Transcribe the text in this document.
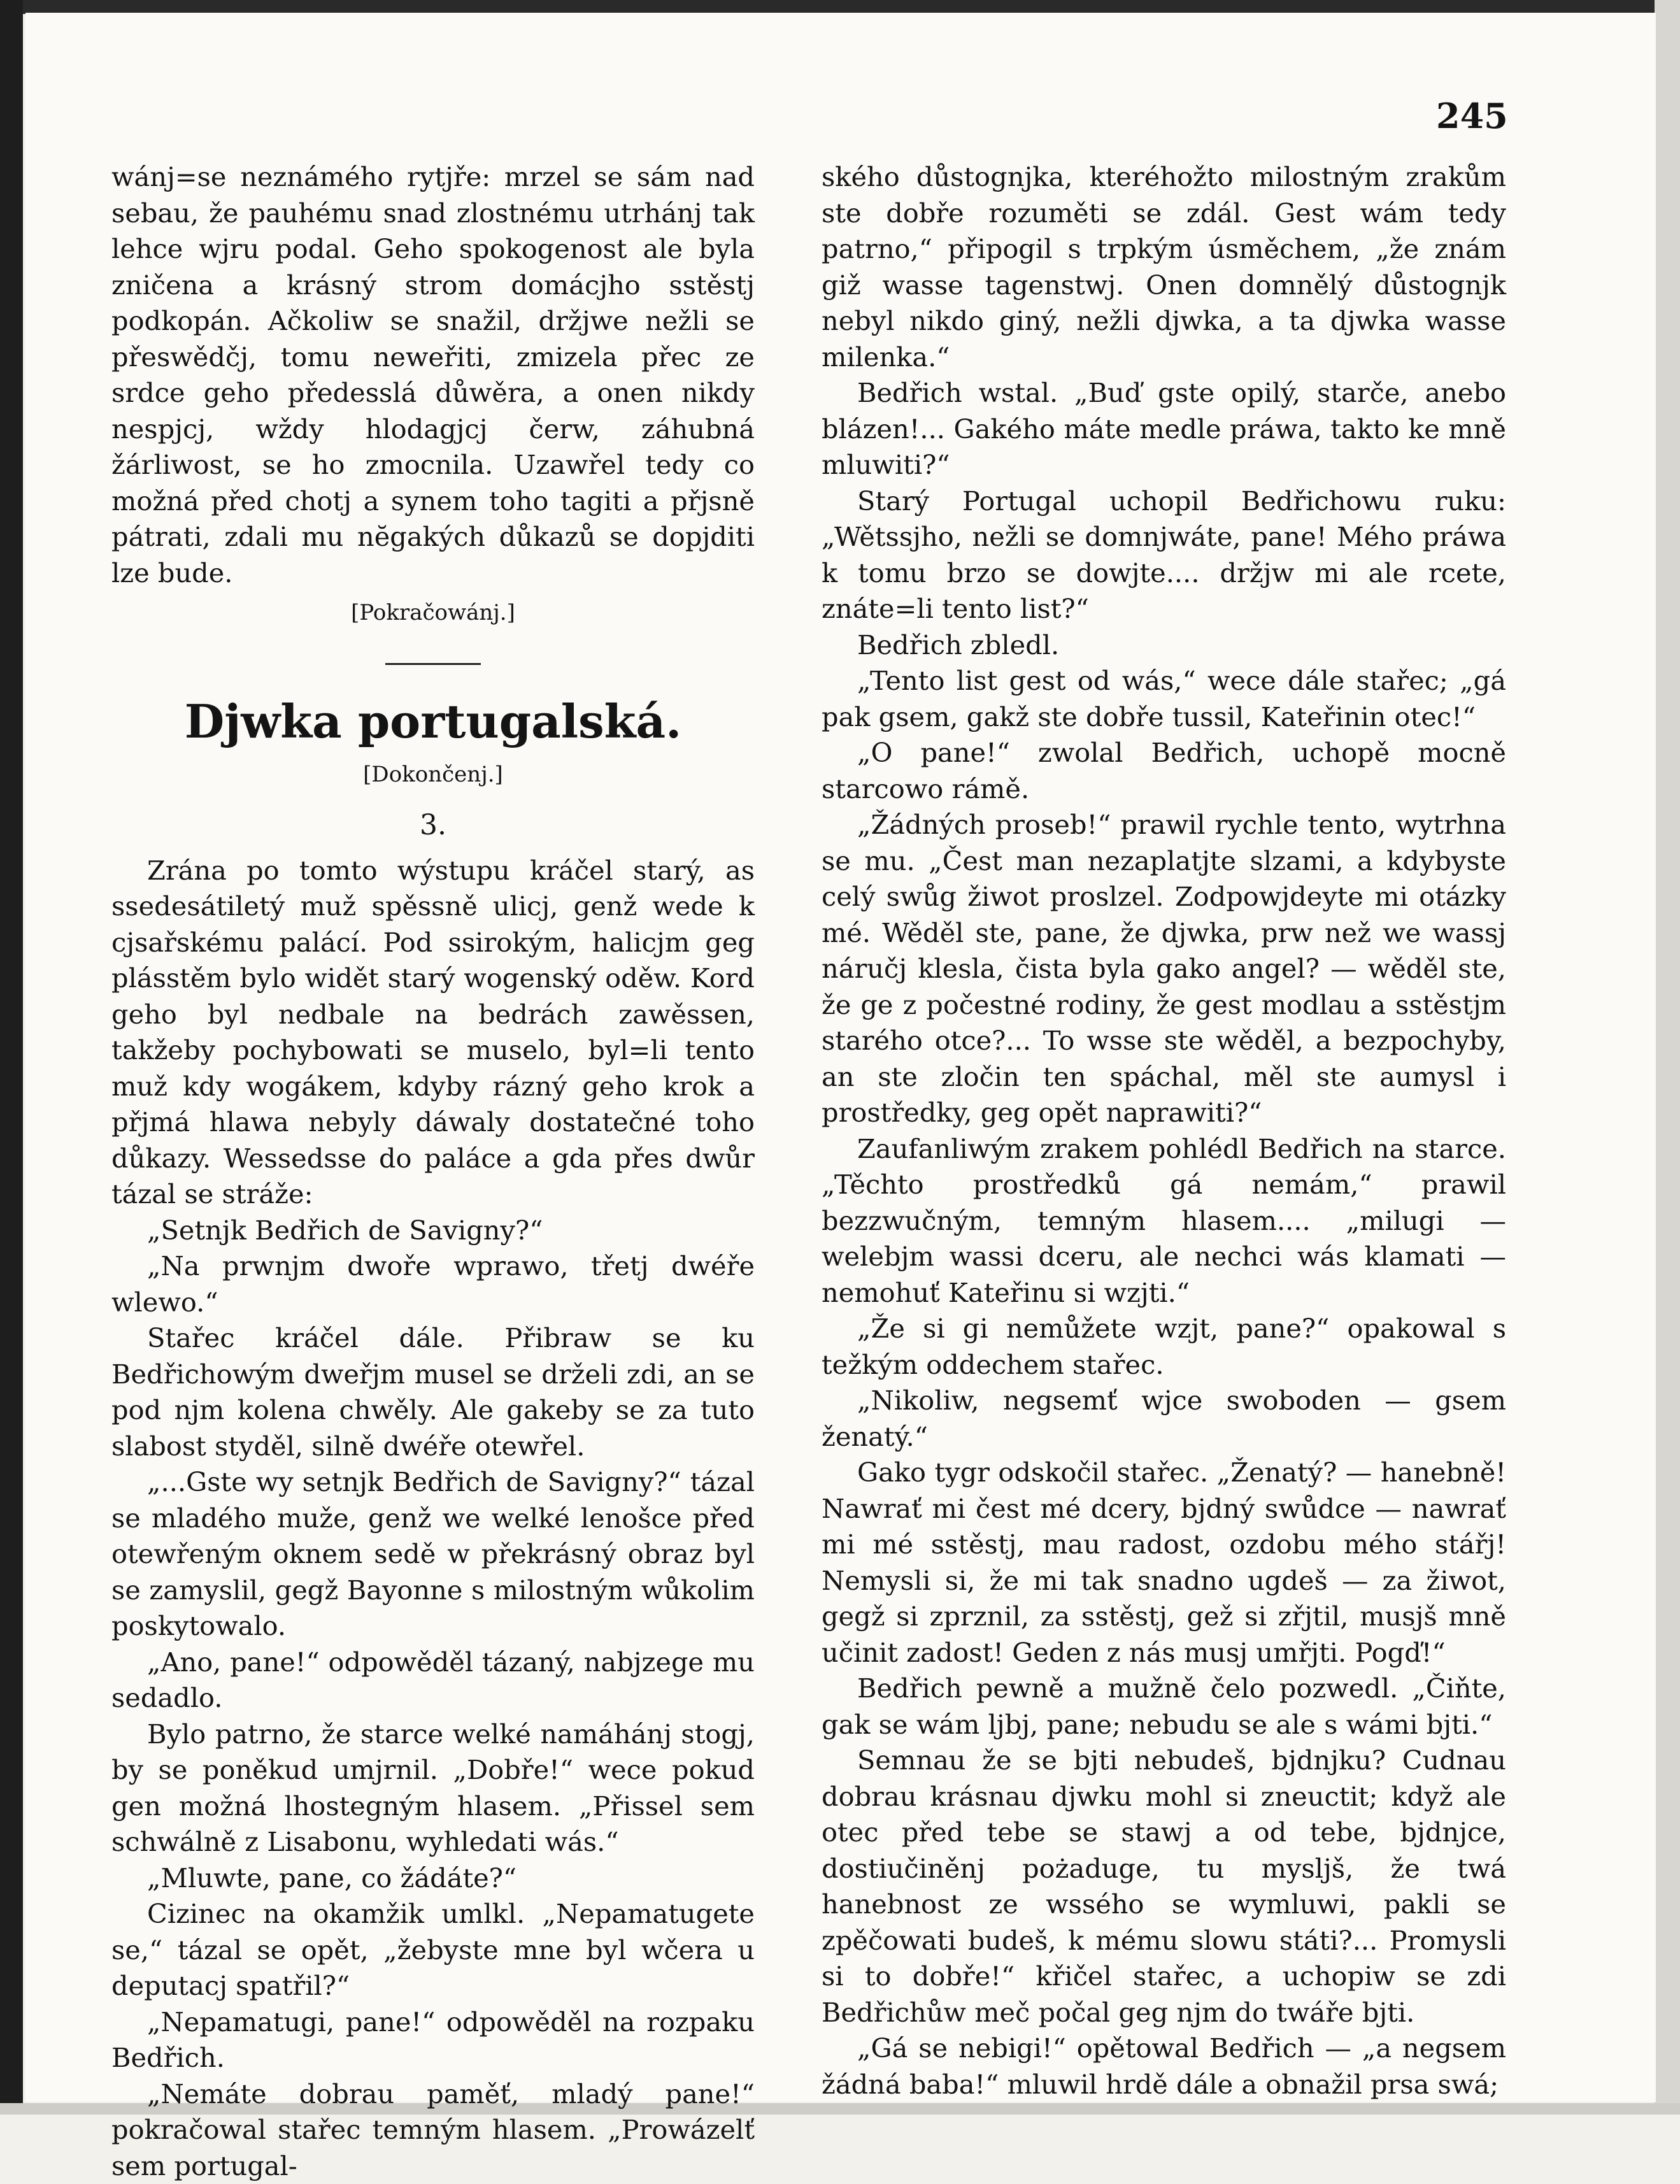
245

wánj=se neznámého rytjře: mrzel se sám nad sebau, že pauhému snad zlostnému utrhánj tak lehce wjru podal. Geho spokogenost ale byla zničena a krásný strom domácjho sstěstj podkopán. Ačkoliw se snažil, držjwe nežli se přeswědčj, tomu neweřiti, zmizela přec ze srdce geho předesslá důwěra, a onen nikdy nespjcj, wždy hlodagjcj čerw, záhubná žárliwost, se ho zmocnila. Uzawřel tedy co možná před chotj a synem toho tagiti a přjsně pátrati, zdali mu nĕgakých důkazů se dopjditi lze bude.

[Pokračowánj.]

Djwka portugalská.

[Dokončenj.]

3.

Zrána po tomto wýstupu kráčel starý, as ssedesátiletý muž spěssně ulicj, genž wede k cjsařskému palácí. Pod ssirokým, halicjm geg plásstěm bylo widět starý wogenský oděw. Kord geho byl nedbale na bedrách zawěssen, takžeby pochybowati se muselo, byl=li tento muž kdy wogákem, kdyby rázný geho krok a přjmá hlawa nebyly dáwaly dostatečné toho důkazy. Wessedsse do paláce a gda přes dwůr tázal se stráže:

„Setnjk Bedřich de Savigny?“

„Na prwnjm dwoře wprawo, třetj dwéře wlewo.“

Stařec kráčel dále. Přibraw se ku Bedřichowým dweřjm musel se drželi zdi, an se pod njm kolena chwěly. Ale gakeby se za tuto slabost styděl, silně dwéře otewřel.

„...Gste wy setnjk Bedřich de Savigny?“ tázal se mladého muže, genž we welké lenošce před otewřeným oknem sedě w překrásný obraz byl se zamyslil, gegž Bayonne s milostným wůkolim poskytowalo.

„Ano, pane!“ odpowěděl tázaný, nabjzege mu sedadlo.

Bylo patrno, že starce welké namáhánj stogj, by se poněkud umjrnil. „Dobře!“ wece pokud gen možná lhostegným hlasem. „Přissel sem schwálně z Lisabonu, wyhledati wás.“

„Mluwte, pane, co žádáte?“

Cizinec na okamžik umlkl. „Nepamatugete se,“ tázal se opět, „žebyste mne byl wčera u deputacj spatřil?“

„Nepamatugi, pane!“ odpowěděl na rozpaku Bedřich.

„Nemáte dobrau paměť, mladý pane!“ pokračowal stařec temným hlasem. „Prowázelť sem portugal-

ského důstognjka, kteréhožto milostným zrakům ste dobře rozuměti se zdál. Gest wám tedy patrno,“ připogil s trpkým úsměchem, „že znám giž wasse tagenstwj. Onen domnělý důstognjk nebyl nikdo giný, nežli djwka, a ta djwka wasse milenka.“

Bedřich wstal. „Buď gste opilý, starče, anebo blázen!... Gakého máte medle práwa, takto ke mně mluwiti?“

Starý Portugal uchopil Bedřichowu ruku: „Wětssjho, nežli se domnjwáte, pane! Mého práwa k tomu brzo se dowjte.... držjw mi ale rcete, znáte=li tento list?“

Bedřich zbledl.

„Tento list gest od wás,“ wece dále stařec; „gá pak gsem, gakž ste dobře tussil, Kateřinin otec!“

„O pane!“ zwolal Bedřich, uchopě mocně starcowo rámě.

„Žádných proseb!“ prawil rychle tento, wytrhna se mu. „Čest man nezaplatjte slzami, a kdybyste celý swůg žiwot proslzel. Zodpowjdeyte mi otázky mé. Wěděl ste, pane, že djwka, prw než we wassj náručj klesla, čista byla gako angel? — wěděl ste, že ge z počestné rodiny, že gest modlau a sstěstjm starého otce?... To wsse ste wěděl, a bezpochyby, an ste zločin ten spáchal, měl ste aumysl i prostředky, geg opět naprawiti?“

Zaufanliwým zrakem pohlédl Bedřich na starce. „Těchto prostředků gá nemám,“ prawil bezzwučným, temným hlasem.... „milugi — welebjm wassi dceru, ale nechci wás klamati — nemohuť Kateřinu si wzjti.“

„Že si gi nemůžete wzjt, pane?“ opakowal s težkým oddechem stařec.

„Nikoliw, negsemť wjce swoboden — gsem ženatý.“

Gako tygr odskočil stařec. „Ženatý? — hanebně! Nawrať mi čest mé dcery, bjdný swůdce — nawrať mi mé sstěstj, mau radost, ozdobu mého stářj! Nemysli si, že mi tak snadno ugdeš — za žiwot, gegž si zprznil, za sstěstj, gež si zřjtil, musjš mně učinit zadost! Geden z nás musj umřjti. Pogď!“

Bedřich pewně a mužně čelo pozwedl. „Čiňte, gak se wám ljbj, pane; nebudu se ale s wámi bjti.“

Semnau že se bjti nebudeš, bjdnjku? Cudnau dobrau krásnau djwku mohl si zneuctit; když ale otec před tebe se stawj a od tebe, bjdnjce, dostiučiněnj pożaduge, tu myslјš, že twá hanebnost ze wssého se wymluwi, pakli se zpěčowati budeš, k mému slowu státi?... Promysli si to dobře!“ křičel stařec, a uchopiw se zdi Bedřichůw meč počal geg njm do twáře bjti.

„Gá se nebigi!“ opětowal Bedřich — „a negsem žádná baba!“ mluwil hrdě dále a obnažil prsa swá;
